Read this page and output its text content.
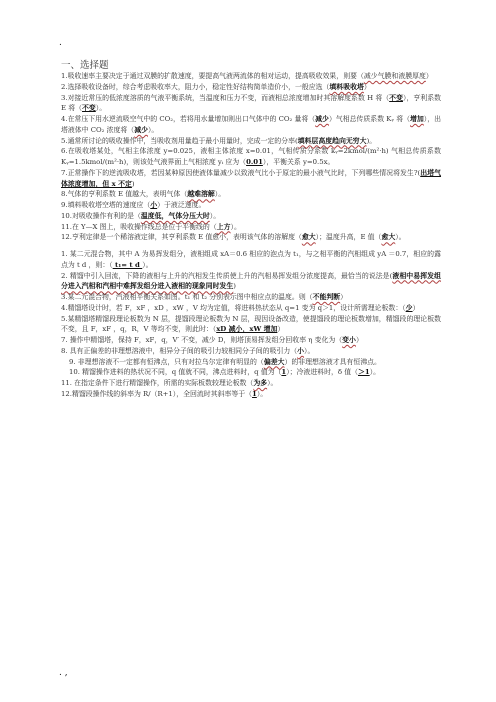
.
一、选择题

1.吸收速率主要决定于通过双膜的扩散速度，要提高气液两流体的相对运动，提高吸收效果，则要（减少气膜和液膜厚度）

2.选择吸收设备时，综合考虑吸收率大，阻力小，稳定性好结构简单造价小，一般应选（填料吸收塔）

3.对接近常压的低浓度溶质的气液平衡系统，当温度和压力不变，而液相总浓度增加时其溶解度系数 H 将（不变），亨利系数 E 将（不变）。

4.在常压下用水逆流吸空气中的 CO₂，若将用水量增加则出口气体中的 CO₂ 量将（减少）气相总传质系数 Kᵧ 将（增加），出塔液体中 CO₂ 浓度将（减少）。

5.通常所讨论的吸收操作中，当吸收剂用量趋于最小用量时，完成一定的分率(填料层高度趋向无穷大)。

6.在吸收塔某处，气相主体浓度 y=0.025，液相主体浓度 x=0.01，气相传质分系数 kᵧ=2kmol/(m²·h) 气相总传质系数 Kᵧ=1.5kmol/(m²·h)，则该处气液界面上气相浓度 yᵢ 应为（0.01），平衡关系 y=0.5x。

7.正常操作下的逆流吸收塔，若因某种原因使液体量减少以致液气比小于原定的最小液气比时，下列哪些情况将发生?(出塔气体浓度增加，但 x 不定)

8.气体的亨利系数 E 值越大，表明气体（越难溶解）。

9.填料吸收塔空塔的速度应（小）于液泛速度。

10.对吸收操作有利的是（温度低，气体分压大时）。

11.在 Y—X 图上，吸收操作线总是位于平衡线的（上方）。

12.亨利定律是一个稀溶液定律，其亨利系数 E 值愈小，表明该气体的溶解度（愈大）；温度升高，E 值（愈大）。

1. 某二元混合物，其中 A 为易挥发组分，液相组成 xA＝0.6 相应的泡点为 t₁，与之相平衡的汽相组成 yA ＝0.7，相应的露点为 t d ，则：（ t₁= t d ）。

2. 精馏中引入回流，下降的液相与上升的汽相发生传质使上升的汽相易挥发组分浓度提高，最恰当的说法是(液相中易挥发组分进入汽相和汽相中难挥发组分进入液相的现象同时发生)

3.某二元混合物，汽液相平衡关系如图。t₁ 和 t₂ 分别表示图中相应点的温度。则（不能判断）

4.精馏塔设计时，若 F，xF ，xD ，xW ，V 均为定值，将进料热状态从 q=1 变为 q＞1，设计所需理论板数：（少）

5.某精馏塔精馏段理论板数为 N 层，提馏段理论板数为 N 层，现因设备改造，使提馏段的理论板数增加，精馏段的理论板数不变，且 F，xF ，q，R，V 等均不变，则此时：（xD 减小，xW 增加）

7. 操作中精馏塔，保持 F，xF，q，V′ 不变，减少 D，则塔顶易挥发组分回收率 η 变化为（变小）

8. 具有正偏差的非理想溶液中，相异分子间的吸引力较相同分子间的吸引力（小）。

9. 非理想溶液不一定都有恒沸点，只有对拉乌尔定律有明显的（偏差大）的非理想溶液才具有恒沸点。

10. 精馏操作进料的热状况不同，q 值就不同，沸点进料时，q 值为（1）；冷液进料时，δ 值（＞1）。

11. 在指定条件下进行精馏操作，所需的实际板数较理论板数（为多）。

12.精馏段操作线的斜率为 R/（R+1），全回流时其斜率等于（1）。

. ,
